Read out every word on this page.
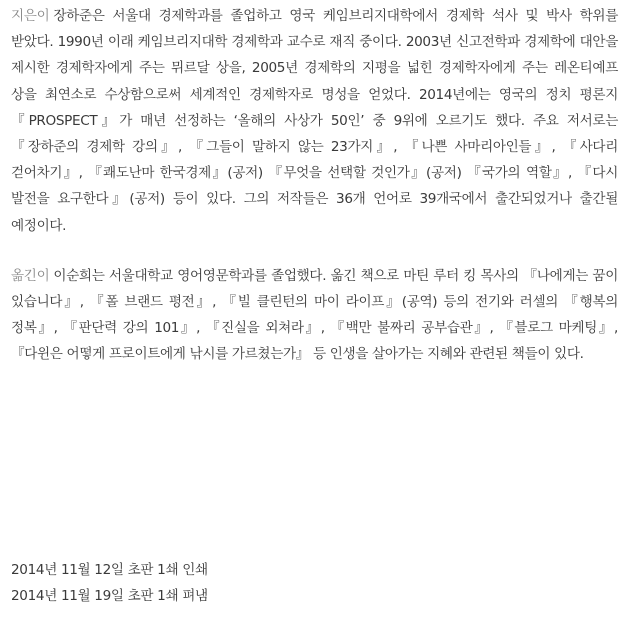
지은이 장하준은 서울대 경제학과를 졸업하고 영국 케임브리지대학에서 경제학 석사 및 박사 학위를 받았다. 1990년 이래 케임브리지대학 경제학과 교수로 재직 중이다. 2003년 신고전학파 경제학에 대안을 제시한 경제학자에게 주는 뮈르달 상을, 2005년 경제학의 지평을 넓힌 경제학자에게 주는 레온티예프 상을 최연소로 수상함으로써 세계적인 경제학자로 명성을 얻었다. 2014년에는 영국의 정치 평론지 『PROSPECT』가 매년 선정하는 ‘올해의 사상가 50인’ 중 9위에 오르기도 했다. 주요 저서로는 『장하준의 경제학 강의』, 『그들이 말하지 않는 23가지』, 『나쁜 사마리아인들』, 『사다리 걷어차기』, 『쾌도난마 한국경제』(공저) 『무엇을 선택할 것인가』(공저) 『국가의 역할』, 『다시 발전을 요구한다』(공저) 등이 있다. 그의 저작들은 36개 언어로 39개국에서 출간되었거나 출간될 예정이다.

옮긴이 이순희는 서울대학교 영어영문학과를 졸업했다. 옮긴 책으로 마틴 루터 킹 목사의 『나에게는 꿈이 있습니다』, 『폴 브랜드 평전』, 『빌 클린턴의 마이 라이프』(공역) 등의 전기와 러셀의 『행복의 정복』, 『판단력 강의 101』, 『진실을 외쳐라』, 『백만 불짜리 공부습관』, 『블로그 마케팅』, 『다윈은 어떻게 프로이트에게 낚시를 가르쳤는가』 등 인생을 살아가는 지혜와 관련된 책들이 있다.

2014년 11월 12일 초판 1쇄 인쇄
2014년 11월 19일 초판 1쇄 펴냄
